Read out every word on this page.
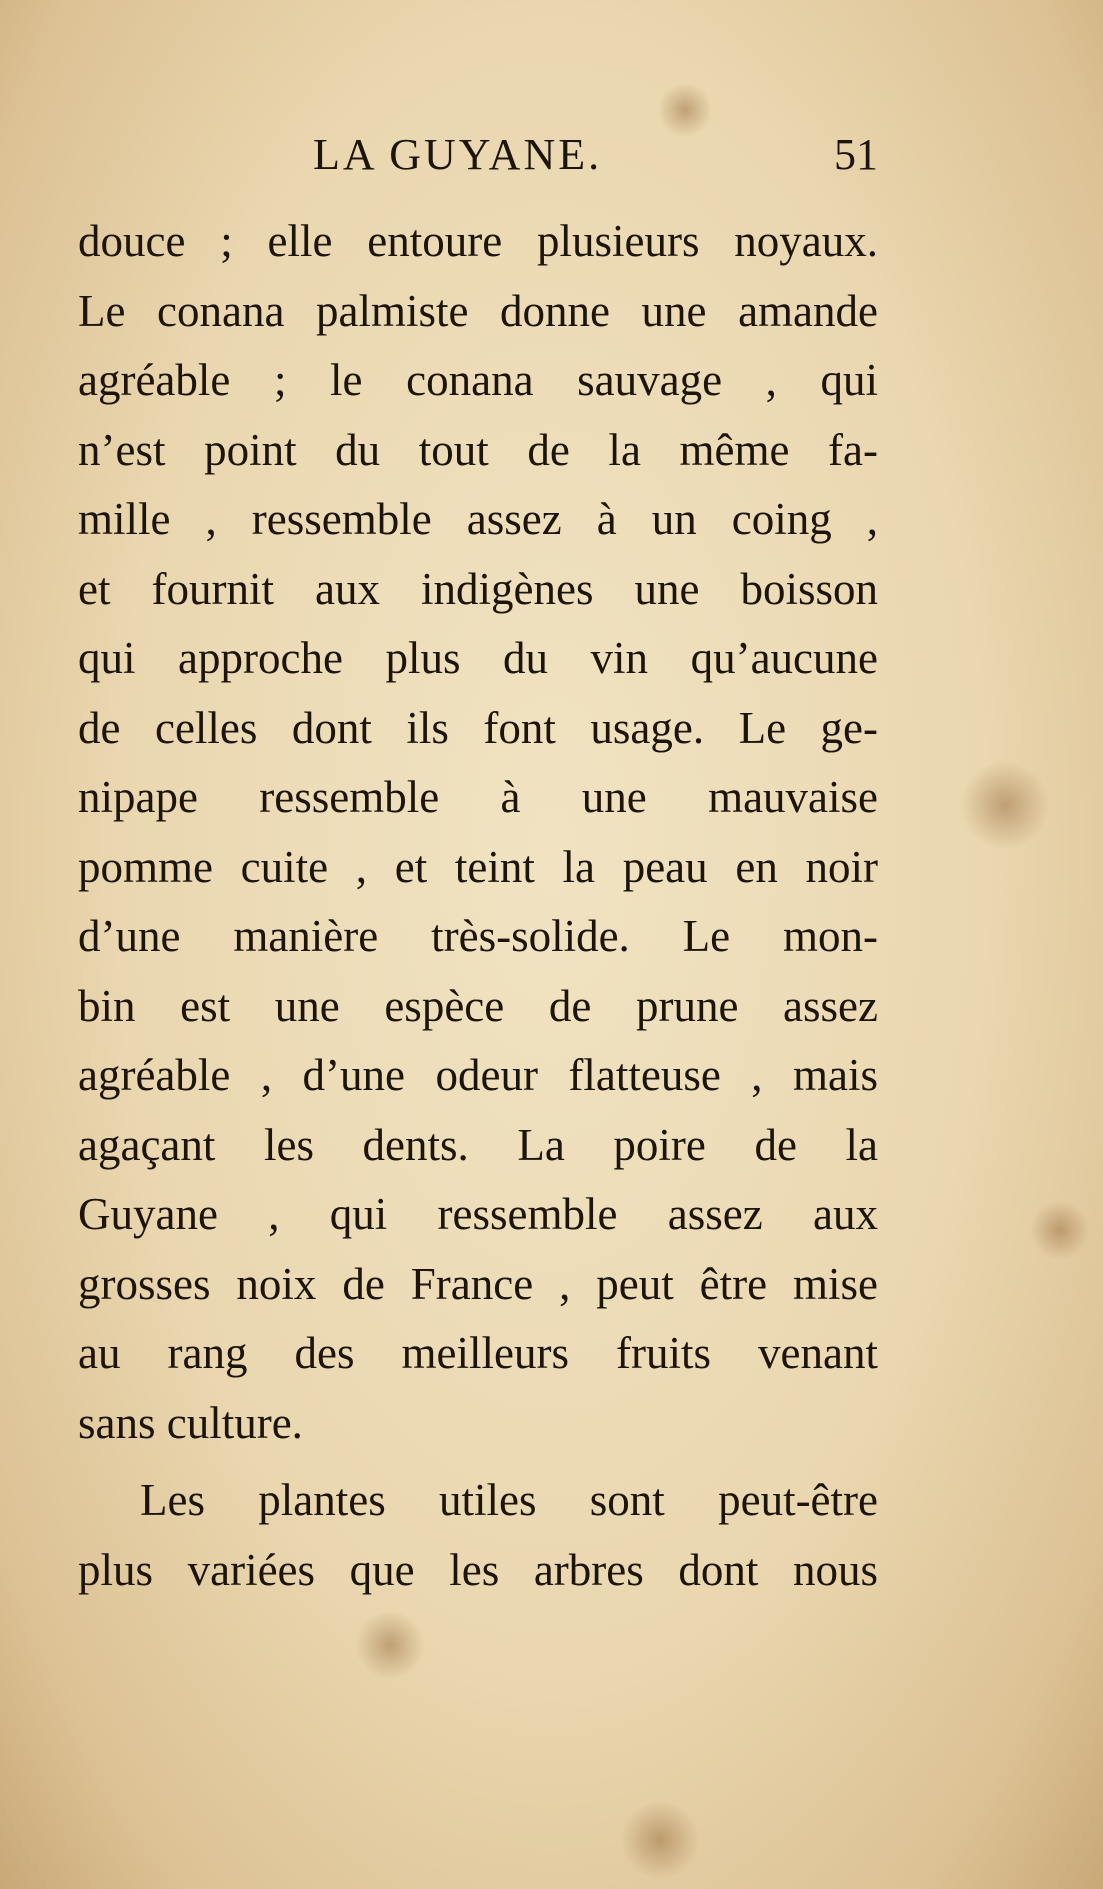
LA GUYANE.	51
douce ; elle entoure plusieurs noyaux.
Le conana palmiste donne une amande
agréable ; le conana sauvage , qui
n’est point du tout de la même fa-
mille , ressemble assez à un coing ,
et fournit aux indigènes une boisson
qui approche plus du vin qu’aucune
de celles dont ils font usage. Le ge-
nipape ressemble à une mauvaise
pomme cuite , et teint la peau en noir
d’une manière très-solide. Le mon-
bin est une espèce de prune assez
agréable , d’une odeur flatteuse , mais
agaçant les dents. La poire de la
Guyane , qui ressemble assez aux
grosses noix de France , peut être mise
au rang des meilleurs fruits venant
sans culture.
Les plantes utiles sont peut-être
plus variées que les arbres dont nous
